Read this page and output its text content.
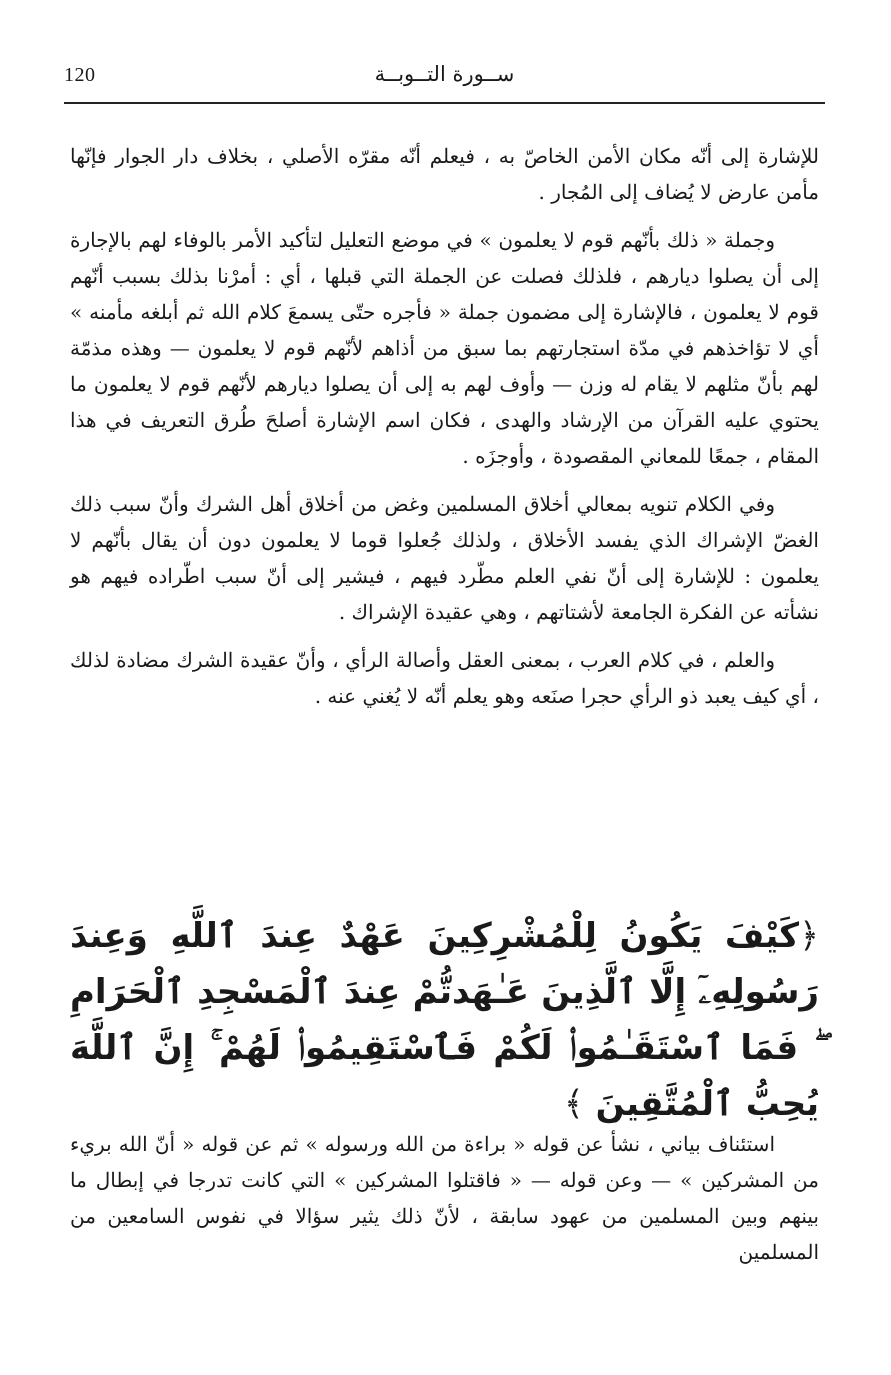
120	ســورة التــوبــة

للإشارة إلى أنّه مكان الأمن الخاصّ به ، فيعلم أنّه مقرّه الأصلي ، بخلاف دار الجوار فإنّها مأمن عارض لا يُضاف إلى المُجار .

وجملة « ذلك بأنّهم قوم لا يعلمون » في موضع التعليل لتأكيد الأمر بالوفاء لهم بالإجارة إلى أن يصلوا ديارهم ، فلذلك فصلت عن الجملة التي قبلها ، أي : أمرْنا بذلك بسبب أنّهم قوم لا يعلمون ، فالإشارة إلى مضمون جملة « فأجره حتّى يسمعَ كلام الله ثم أبلغه مأمنه » أي لا تؤاخذهم في مدّة استجارتهم بما سبق من أذاهم لأنّهم قوم لا يعلمون — وهذه مذمّة لهم بأنّ مثلهم لا يقام له وزن — وأوف لهم به إلى أن يصلوا ديارهم لأنّهم قوم لا يعلمون ما يحتوي عليه القرآن من الإرشاد والهدى ، فكان اسم الإشارة أصلحَ طُرق التعريف في هذا المقام ، جمعًا للمعاني المقصودة ، وأوجزَه .

وفي الكلام تنويه بمعالي أخلاق المسلمين وغض من أخلاق أهل الشرك وأنّ سبب ذلك الغضّ الإشراك الذي يفسد الأخلاق ، ولذلك جُعلوا قوما لا يعلمون دون أن يقال بأنّهم لا يعلمون : للإشارة إلى أنّ نفي العلم مطّرد فيهم ، فيشير إلى أنّ سبب اطّراده فيهم هو نشأته عن الفكرة الجامعة لأشتاتهم ، وهي عقيدة الإشراك .

والعلم ، في كلام العرب ، بمعنى العقل وأصالة الرأي ، وأنّ عقيدة الشرك مضادة لذلك ، أي كيف يعبد ذو الرأي حجرا صنَعه وهو يعلم أنّه لا يُغني عنه .

﴿كَيْفَ يَكُونُ لِلْمُشْرِكِينَ عَهْدٌ عِندَ ٱللَّهِ وَعِندَ رَسُولِهِۦٓ إِلَّا ٱلَّذِينَ عَـٰهَدتُّمْ عِندَ ٱلْمَسْجِدِ ٱلْحَرَامِ ۖ فَمَا ٱسْتَقَـٰمُوا۟ لَكُمْ فَٱسْتَقِيمُوا۟ لَهُمْ ۚ إِنَّ ٱللَّهَ يُحِبُّ ٱلْمُتَّقِينَ ﴾

استئناف بياني ، نشأ عن قوله « براءة من الله ورسوله » ثم عن قوله « أنّ الله بريء من المشركين » — وعن قوله — « فاقتلوا المشركين » التي كانت تدرجا في إبطال ما بينهم وبين المسلمين من عهود سابقة ، لأنّ ذلك يثير سؤالا في نفوس السامعين من المسلمين
